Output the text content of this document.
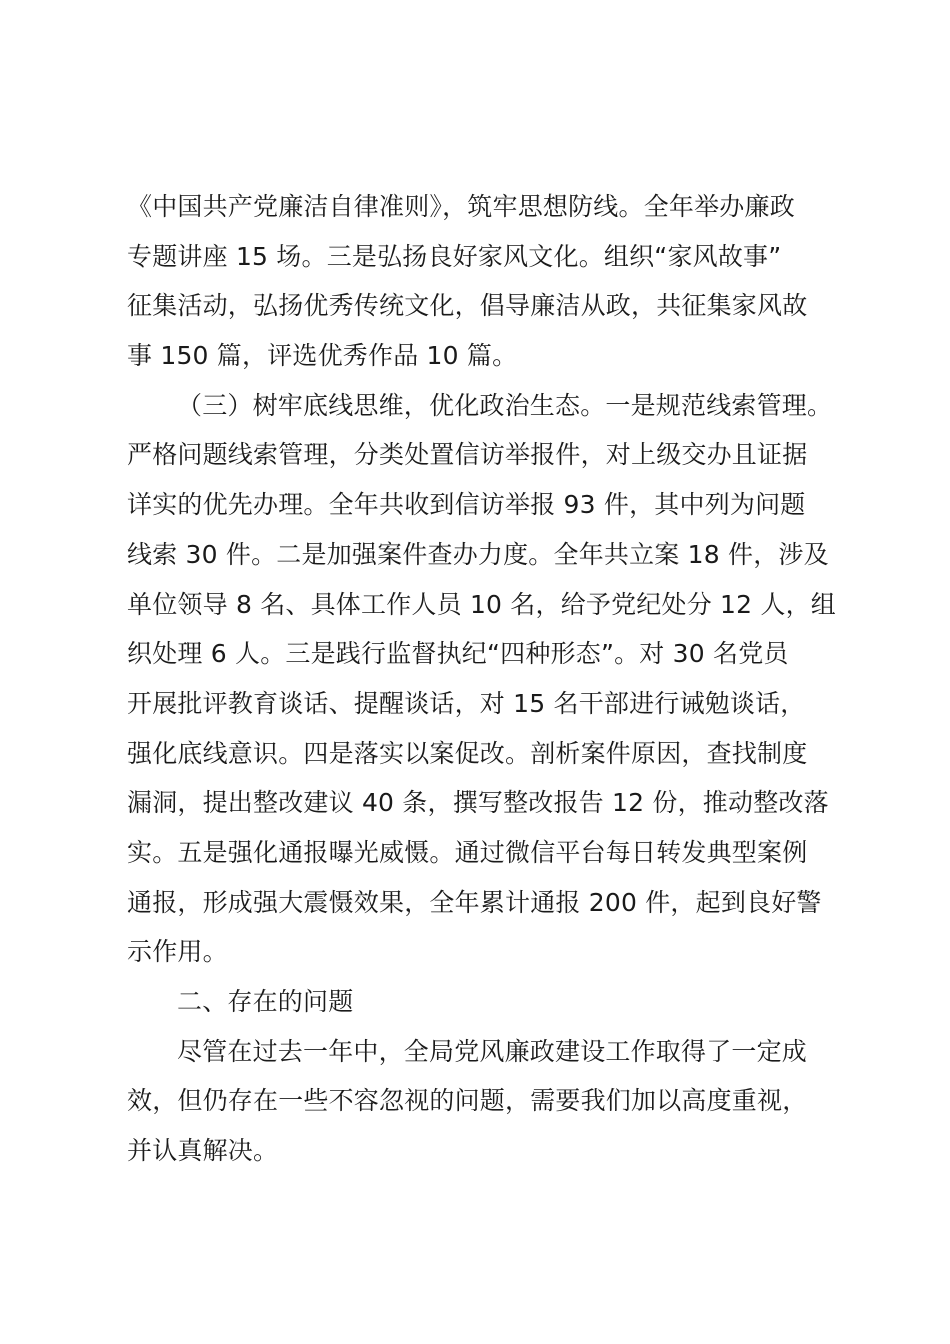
《中国共产党廉洁自律准则》，筑牢思想防线。全年举办廉政
专题讲座 15 场。三是弘扬良好家风文化。组织“家风故事”
征集活动，弘扬优秀传统文化，倡导廉洁从政，共征集家风故
事 150 篇，评选优秀作品 10 篇。
（三）树牢底线思维，优化政治生态。一是规范线索管理。
严格问题线索管理，分类处置信访举报件，对上级交办且证据
详实的优先办理。全年共收到信访举报 93 件，其中列为问题
线索 30 件。二是加强案件查办力度。全年共立案 18 件，涉及
单位领导 8 名、具体工作人员 10 名，给予党纪处分 12 人，组
织处理 6 人。三是践行监督执纪“四种形态”。对 30 名党员
开展批评教育谈话、提醒谈话，对 15 名干部进行诫勉谈话，
强化底线意识。四是落实以案促改。剖析案件原因，查找制度
漏洞，提出整改建议 40 条，撰写整改报告 12 份，推动整改落
实。五是强化通报曝光威慑。通过微信平台每日转发典型案例
通报，形成强大震慑效果，全年累计通报 200 件，起到良好警
示作用。
二、存在的问题
尽管在过去一年中，全局党风廉政建设工作取得了一定成
效，但仍存在一些不容忽视的问题，需要我们加以高度重视，
并认真解决。
